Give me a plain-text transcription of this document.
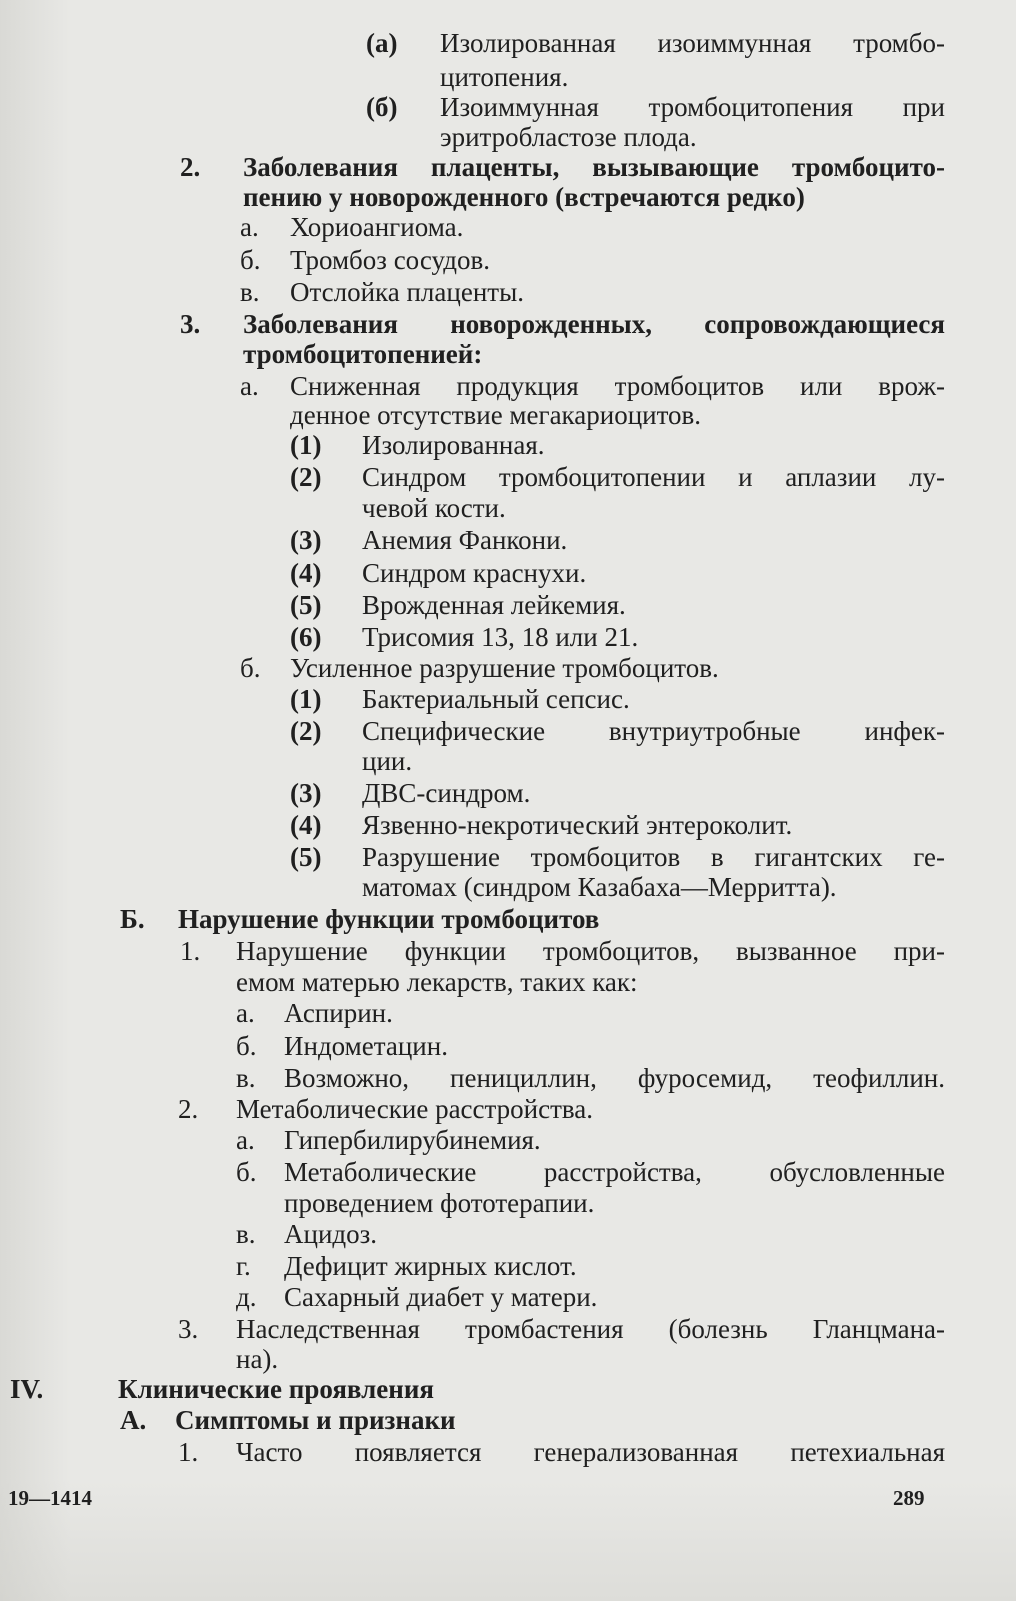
(а) Изолированная изоиммунная тромбо-
цитопения.
(б) Изоиммунная тромбоцитопения при
эритробластозе плода.
2. Заболевания плаценты, вызывающие тромбоцито-
пению у новорожденного (встречаются редко)
а. Хориоангиома.
б. Тромбоз сосудов.
в. Отслойка плаценты.
3. Заболевания новорожденных, сопровождающиеся
тромбоцитопенией:
а. Сниженная продукция тромбоцитов или врож-
денное отсутствие мегакариоцитов.
(1) Изолированная.
(2) Синдром тромбоцитопении и аплазии лу-
чевой кости.
(3) Анемия Фанкони.
(4) Синдром краснухи.
(5) Врожденная лейкемия.
(6) Трисомия 13, 18 или 21.
б. Усиленное разрушение тромбоцитов.
(1) Бактериальный сепсис.
(2) Специфические внутриутробные инфек-
ции.
(3) ДВС-синдром.
(4) Язвенно-некротический энтероколит.
(5) Разрушение тромбоцитов в гигантских ге-
матомах (синдром Казабаха—Мерритта).
Б. Нарушение функции тромбоцитов
1. Нарушение функции тромбоцитов, вызванное при-
емом матерью лекарств, таких как:
а. Аспирин.
б. Индометацин.
в. Возможно, пенициллин, фуросемид, теофиллин.
2. Метаболические расстройства.
а. Гипербилирубинемия.
б. Метаболические расстройства, обусловленные
проведением фототерапии.
в. Ацидоз.
г. Дефицит жирных кислот.
д. Сахарный диабет у матери.
3. Наследственная тромбастения (болезнь Гланцмана-
на).
IV.	Клинические проявления
А. Симптомы и признаки
1. Часто появляется генерализованная петехиальная
19—1414	289
